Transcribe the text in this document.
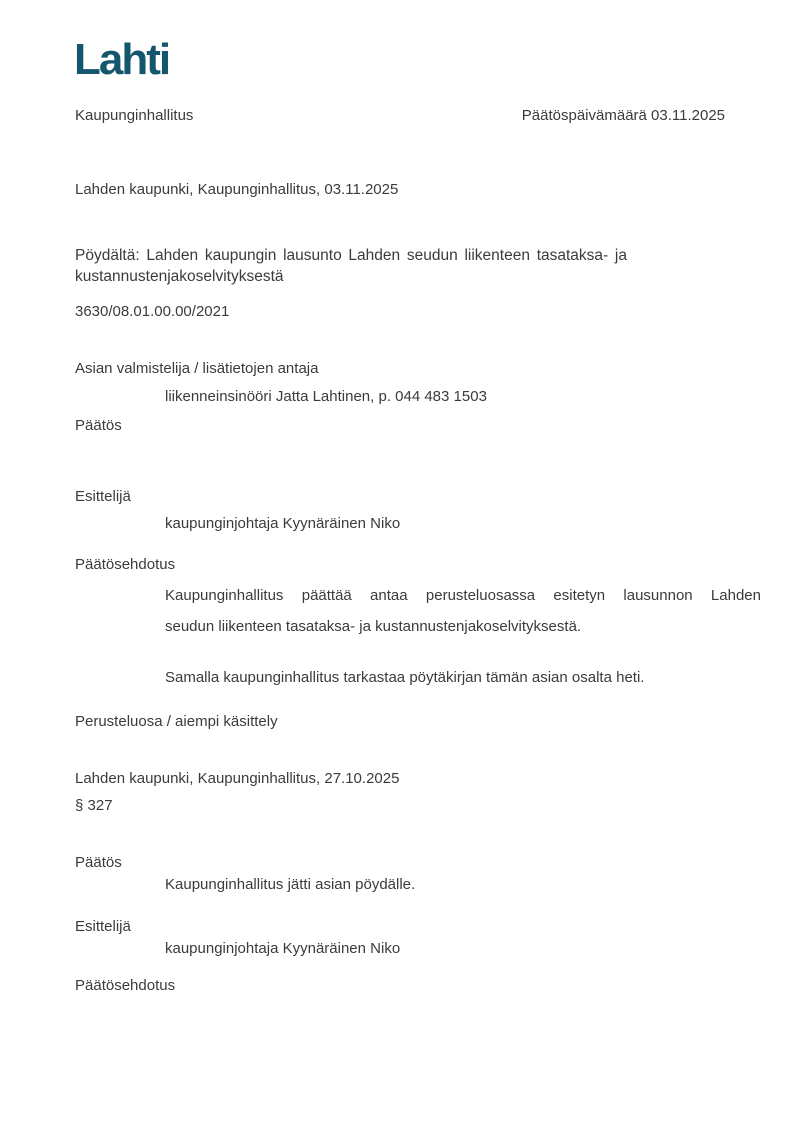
Lahti
Kaupunginhallitus	Päätöspäivämäärä 03.11.2025
Lahden kaupunki, Kaupunginhallitus, 03.11.2025
Pöydältä: Lahden kaupungin lausunto Lahden seudun liikenteen tasataksa- ja
kustannustenjakoselvityksestä
3630/08.01.00.00/2021
Asian valmistelija / lisätietojen antaja
liikenneinsinööri Jatta Lahtinen, p. 044 483 1503
Päätös
Esittelijä
kaupunginjohtaja Kyynäräinen Niko
Päätösehdotus
Kaupunginhallitus päättää antaa perusteluosassa esitetyn lausunnon Lahden
seudun liikenteen tasataksa- ja kustannustenjakoselvityksestä.
Samalla kaupunginhallitus tarkastaa pöytäkirjan tämän asian osalta heti.
Perusteluosa / aiempi käsittely
Lahden kaupunki, Kaupunginhallitus, 27.10.2025
§ 327
Päätös
Kaupunginhallitus jätti asian pöydälle.
Esittelijä
kaupunginjohtaja Kyynäräinen Niko
Päätösehdotus
